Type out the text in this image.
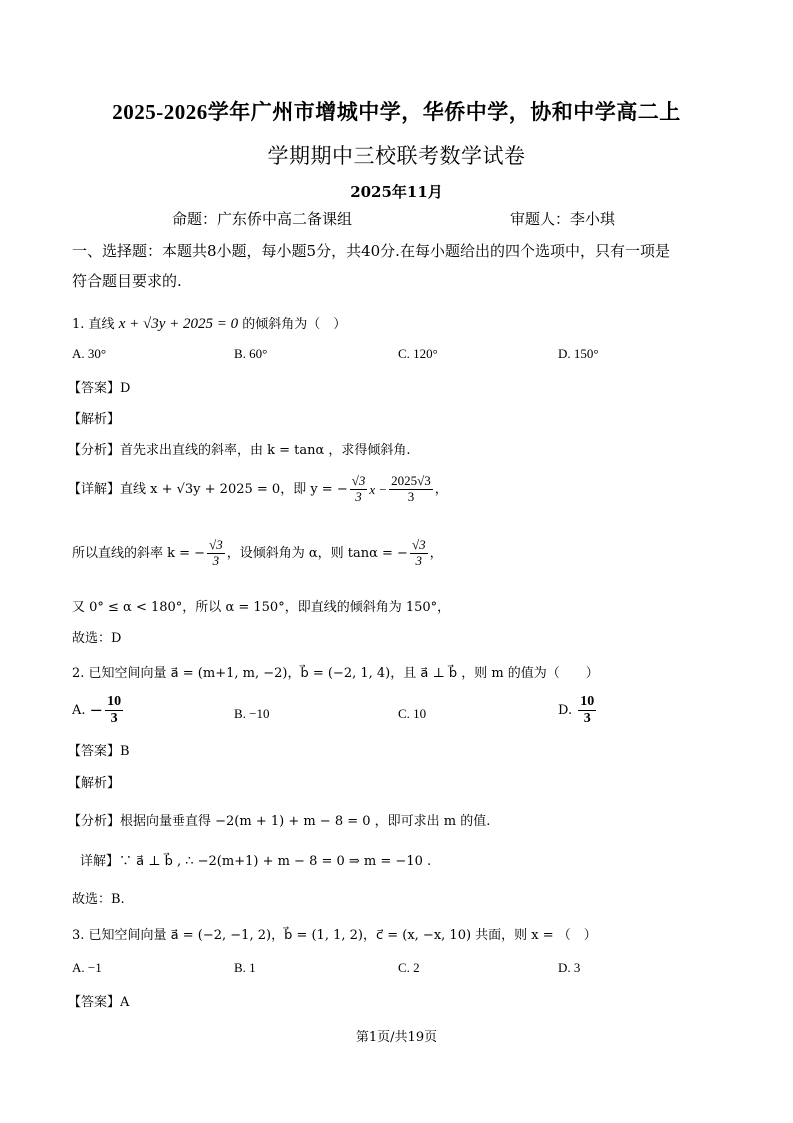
2025-2026学年广州市增城中学，华侨中学，协和中学高二上
学期期中三校联考数学试卷
2025年11月
命题：广东侨中高二备课组	审题人：李小琪
一、选择题：本题共8小题，每小题5分，共40分.在每小题给出的四个选项中，只有一项是
符合题目要求的.
1. 直线 x + √3y + 2025 = 0 的倾斜角为（　）
A. 30°	B. 60°	C. 120°	D. 150°
【答案】D
【解析】
【分析】首先求出直线的斜率，由 k = tanα ，求得倾斜角.
【详解】直线 x + √3y + 2025 = 0，即 y = − $\frac{√3}{3}$ $x - \frac{2025√3}{3}$ ，
所以直线的斜率 k = − $\frac{√3}{3}$ ，设倾斜角为 α，则 tanα = − $\frac{√3}{3}$ ，
又 0° ≤ α < 180°，所以 α = 150°，即直线的倾斜角为 150°，
故选：D
2. 已知空间向量 a⃗ = (m+1, m, −2)，b⃗ = (−2, 1, 4)，且 a⃗ ⊥ b⃗ ，则 m 的值为（　　）
A. − $\frac{10}{3}$	B. −10	C. 10	D. $\frac{10}{3}$
【答案】B
【解析】
【分析】根据向量垂直得 −2(m + 1) + m − 8 = 0 ，即可求出 m 的值.
详解】∵ a⃗ ⊥ b⃗ , ∴ −2(m+1) + m − 8 = 0 ⇒ m = −10 .
故选：B.
3. 已知空间向量 a⃗ = (−2, −1, 2)，b⃗ = (1, 1, 2)，c⃗ = (x, −x, 10) 共面，则 x = （　）
A. −1	B. 1	C. 2	D. 3
【答案】A
第1页/共19页
